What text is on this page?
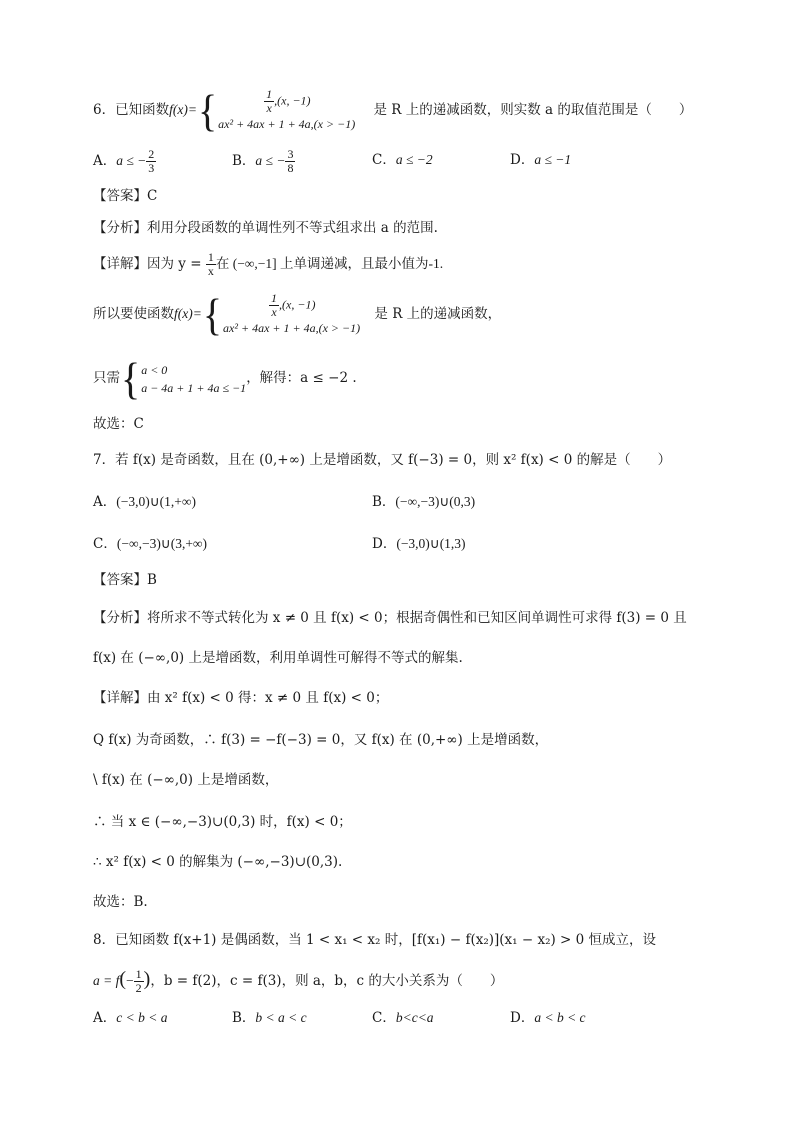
6．已知函数f(x)={	$\frac{1}{x} ,(x$, −1)
ax² + 4ax + 1 + 4a,(x > −1)
是 R 上的递减函数，则实数 a 的取值范围是（　　）
A．a ≤ − $\frac{2}{3}$	B．a ≤ − $\frac{3}{8}$	C．a ≤ −2	D．a ≤ −1
【答案】C
【分析】利用分段函数的单调性列不等式组求出 a 的范围.
【详解】因为 $y = \frac{1}{x}$ 在 (−∞,−1] 上单调递减，且最小值为-1.
所以要使函数f(x)={	$\frac{1}{x} ,(x$, −1)
ax² + 4ax + 1 + 4a,(x > −1)
是 R 上的递减函数，
只需{ a < 0
a − 4a + 1 + 4a ≤ −1
，解得：a ≤ −2 .
故选：C
7．若 f(x) 是奇函数，且在 (0,+∞) 上是增函数，又 f(−3) = 0，则 x² f(x) < 0 的解是（　　）
A．(−3,0)∪(1,+∞)	B．(−∞,−3)∪(0,3)
C．(−∞,−3)∪(3,+∞)	D．(−3,0)∪(1,3)
【答案】B
【分析】将所求不等式转化为 x ≠ 0 且 f(x) < 0；根据奇偶性和已知区间单调性可求得 f(3) = 0 且
f(x) 在 (−∞,0) 上是增函数，利用单调性可解得不等式的解集.
【详解】由 x² f(x) < 0 得：x ≠ 0 且 f(x) < 0；
Q f(x) 为奇函数，∴ f(3) = −f(−3) = 0，又 f(x) 在 (0,+∞) 上是增函数，
\ f(x) 在 (−∞,0) 上是增函数，
∴ 当 x ∈ (−∞,−3)∪(0,3) 时，f(x) < 0；
∴ x² f(x) < 0 的解集为 (−∞,−3)∪(0,3).
故选：B.
8．已知函数 f(x+1) 是偶函数，当 1 < x₁ < x₂ 时，[f(x₁) − f(x₂)](x₁ − x₂) > 0 恒成立，设
$a = f(- \frac{1}{2}$ )，b = f(2)，c = f(3)，则 a，b，c 的大小关系为（　　）
A．c < b < a	B．b < a < c	C．b<c<a	D．a < b < c
